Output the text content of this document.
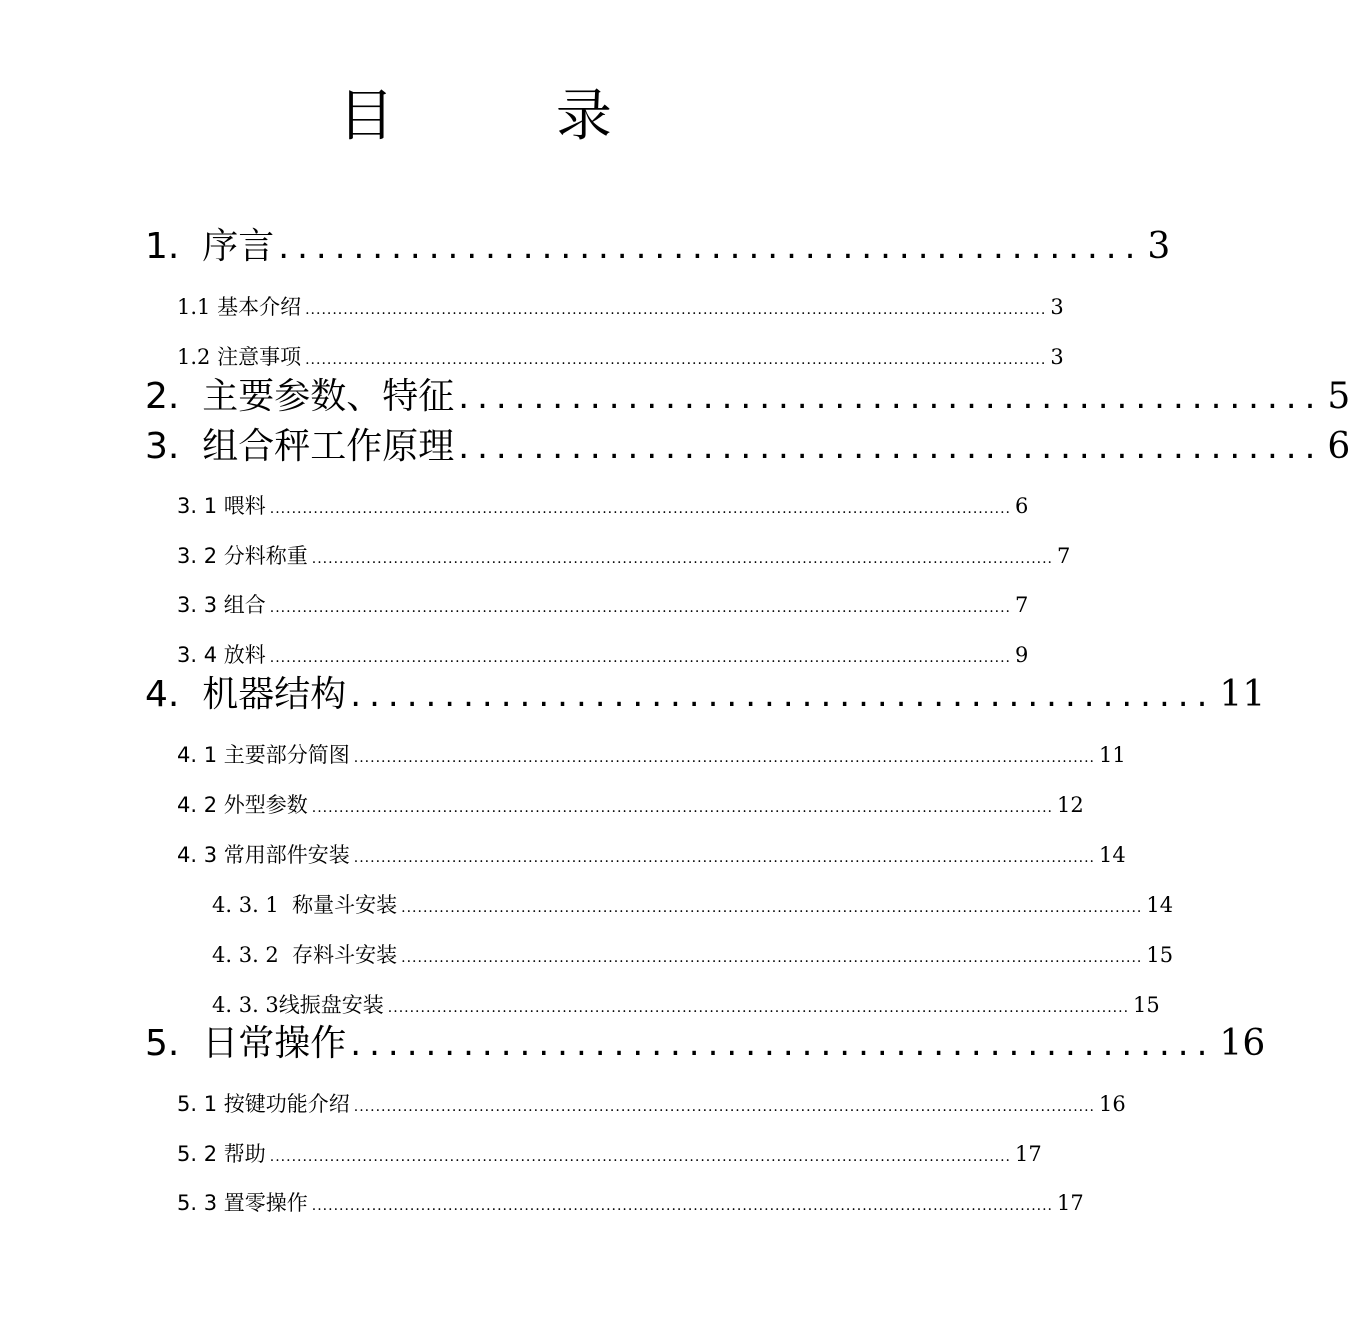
目 录
1. 序言 .............................................. 3
1.1 基本介绍 ........................................................................................................................................ 3
1.2 注意事项 ........................................................................................................................................ 3
2. 主要参数、特征 .............................................. 5
3. 组合秤工作原理 .............................................. 6
3. 1 喂料 ........................................................................................................................................ 6
3. 2 分料称重 ........................................................................................................................................ 7
3. 3 组合 ........................................................................................................................................ 7
3. 4 放料 ........................................................................................................................................ 9
4. 机器结构 .............................................. 11
4. 1 主要部分简图 ........................................................................................................................................ 11
4. 2 外型参数 ........................................................................................................................................ 12
4. 3 常用部件安装 ........................................................................................................................................ 14
4. 3. 1 称量斗安装 ........................................................................................................................................ 14
4. 3. 2 存料斗安装 ........................................................................................................................................ 15
4. 3. 3线振盘安装 ........................................................................................................................................ 15
5. 日常操作 .............................................. 16
5. 1 按键功能介绍 ........................................................................................................................................ 16
5. 2 帮助 ........................................................................................................................................ 17
5. 3 置零操作 ........................................................................................................................................ 17
